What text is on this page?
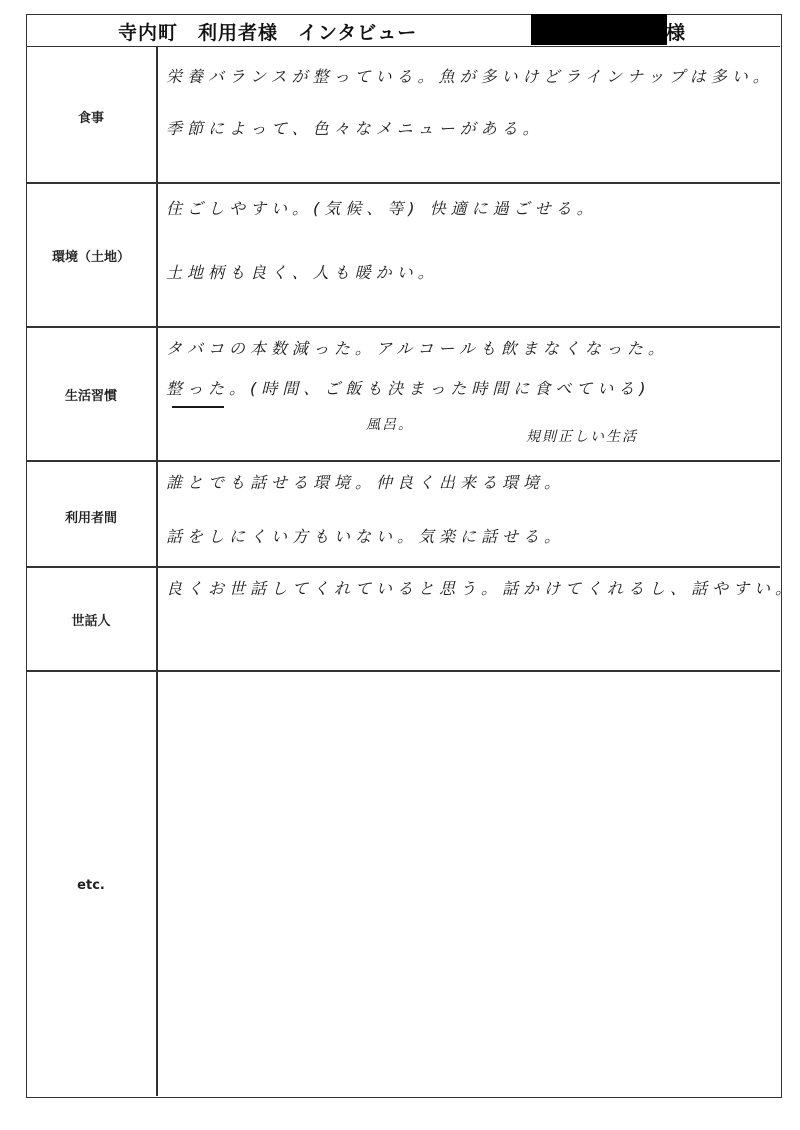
寺内町　利用者様　インタビュー	様
食事
栄養バランスが整っている。魚が多いけどラインナップは多い。
季節によって、色々なメニューがある。
環境（土地）
住ごしやすい。(気候、等) 快適に過ごせる。
土地柄も良く、人も暖かい。
生活習慣
タバコの本数減った。アルコールも飲まなくなった。
整った。(時間、ご飯も決まった時間に食べている)
風呂。
規則正しい生活
利用者間
誰とでも話せる環境。仲良く出来る環境。
話をしにくい方もいない。気楽に話せる。
世話人
良くお世話してくれていると思う。話かけてくれるし、話やすい。
etc.
